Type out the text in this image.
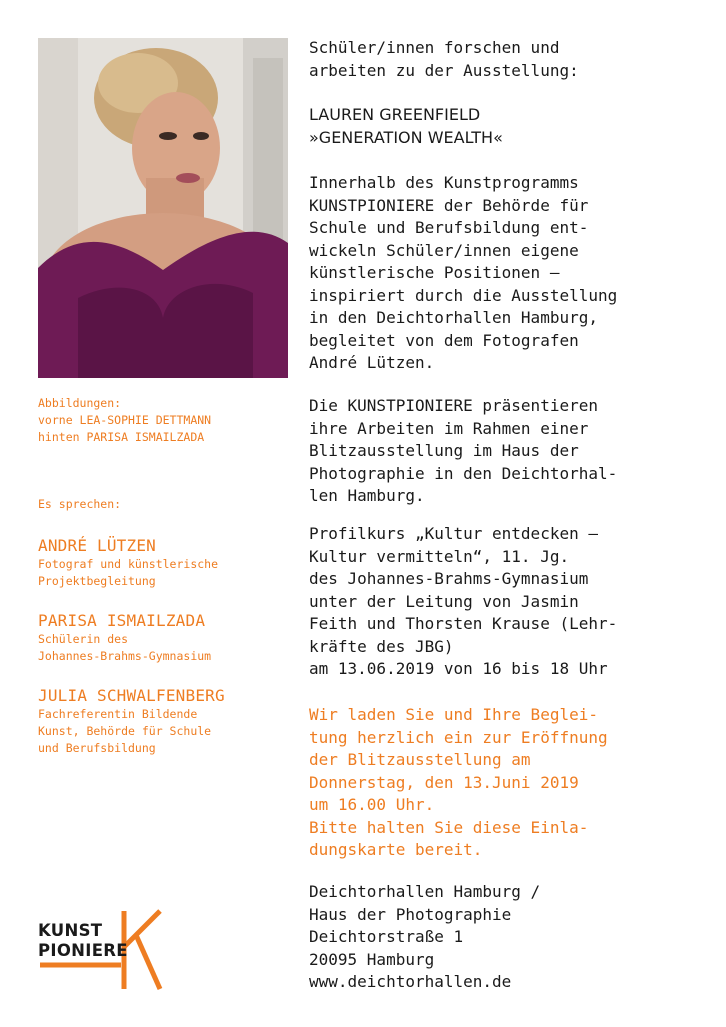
Abbildungen:

vorne LEA-SOPHIE DETTMANN

hinten PARISA ISMAILZADA

Es sprechen:
ANDRÉ LÜTZEN
Fotograf und künstlerische
Projektbegleitung
PARISA ISMAILZADA
Schülerin des
Johannes-Brahms-Gymnasium
JULIA SCHWALFENBERG
Fachreferentin Bildende
Kunst, Behörde für Schule
und Berufsbildung

Schüler/innen forschen und
arbeiten zu der Ausstellung:

LAUREN GREENFIELD
»GENERATION WEALTH«

Innerhalb des Kunstprogramms
KUNSTPIONIERE der Behörde für
Schule und Berufsbildung ent-
wickeln Schüler/innen eigene
künstlerische Positionen –
inspiriert durch die Ausstellung
in den Deichtorhallen Hamburg,
begleitet von dem Fotografen
André Lützen.

Die KUNSTPIONIERE präsentieren
ihre Arbeiten im Rahmen einer
Blitzausstellung im Haus der
Photographie in den Deichtorhal-
len Hamburg.

Profilkurs „Kultur entdecken –
Kultur vermitteln“, 11. Jg.
des Johannes-Brahms-Gymnasium
unter der Leitung von Jasmin
Feith und Thorsten Krause (Lehr-
kräfte des JBG)
am 13.06.2019 von 16 bis 18 Uhr

Wir laden Sie und Ihre Beglei-
tung herzlich ein zur Eröffnung
der Blitzausstellung am
Donnerstag, den 13.Juni 2019
um 16.00 Uhr.
Bitte halten Sie diese Einla-
dungskarte bereit.

Deichtorhallen Hamburg /
Haus der Photographie
Deichtorstraße 1
20095 Hamburg
www.deichtorhallen.de

KUNST
PIONIERE
